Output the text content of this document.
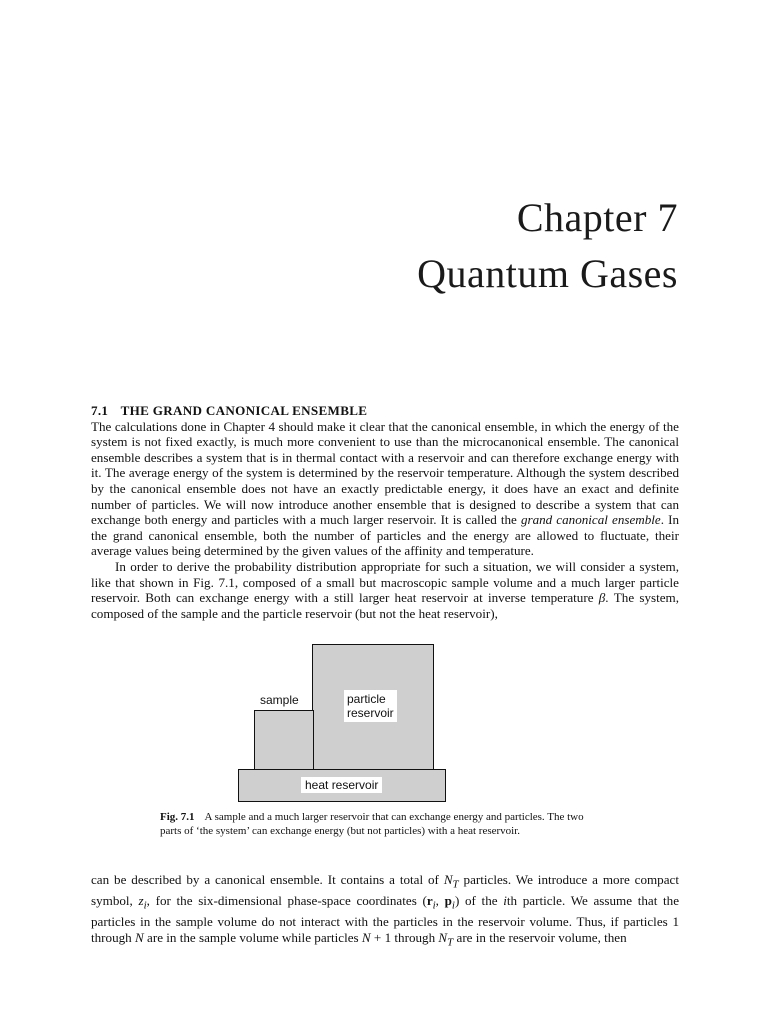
Chapter 7
Quantum Gases
7.1 THE GRAND CANONICAL ENSEMBLE

The calculations done in Chapter 4 should make it clear that the canonical ensemble, in which the energy of the system is not fixed exactly, is much more convenient to use than the microcanonical ensemble. The canonical ensemble describes a system that is in thermal contact with a reservoir and can therefore exchange energy with it. The average energy of the system is determined by the reservoir temperature. Although the system described by the canonical ensemble does not have an exactly predictable energy, it does have an exact and definite number of particles. We will now introduce another ensemble that is designed to describe a system that can exchange both energy and particles with a much larger reservoir. It is called the grand canonical ensemble. In the grand canonical ensemble, both the number of particles and the energy are allowed to fluctuate, their average values being determined by the given values of the affinity and temperature.

In order to derive the probability distribution appropriate for such a situation, we will consider a system, like that shown in Fig. 7.1, composed of a small but macroscopic sample volume and a much larger particle reservoir. Both can exchange energy with a still larger heat reservoir at inverse temperature β. The system, composed of the sample and the particle reservoir (but not the heat reservoir),

sample	particle
reservoir
heat reservoir
Fig. 7.1 A sample and a much larger reservoir that can exchange energy and particles. The two parts of ‘the system’ can exchange energy (but not particles) with a heat reservoir.
can be described by a canonical ensemble. It contains a total of $N_T$ particles. We introduce a more compact symbol, $z_i$, for the six-dimensional phase-space coordinates ($r_i$, $p_i$) of the ith particle. We assume that the particles in the sample volume do not interact with the particles in the reservoir volume. Thus, if particles 1 through N are in the sample volume while particles N + 1 through $N_T$ are in the reservoir volume, then
